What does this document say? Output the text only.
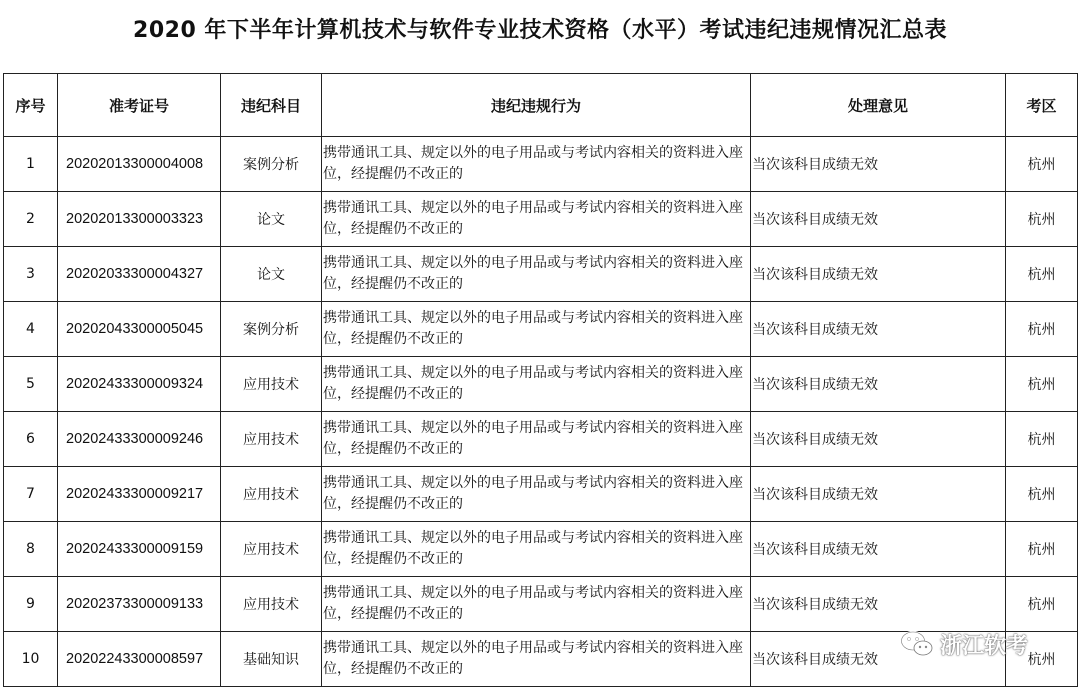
2020 年下半年计算机技术与软件专业技术资格（水平）考试违纪违规情况汇总表
序号	准考证号	违纪科目	违纪违规行为	处理意见	考区
1	20202013300004008	案例分析	携带通讯工具、规定以外的电子用品或与考试内容相关的资料进入座位，经提醒仍不改正的	当次该科目成绩无效	杭州
2	20202013300003323	论文	携带通讯工具、规定以外的电子用品或与考试内容相关的资料进入座位，经提醒仍不改正的	当次该科目成绩无效	杭州
3	20202033300004327	论文	携带通讯工具、规定以外的电子用品或与考试内容相关的资料进入座位，经提醒仍不改正的	当次该科目成绩无效	杭州
4	20202043300005045	案例分析	携带通讯工具、规定以外的电子用品或与考试内容相关的资料进入座位，经提醒仍不改正的	当次该科目成绩无效	杭州
5	20202433300009324	应用技术	携带通讯工具、规定以外的电子用品或与考试内容相关的资料进入座位，经提醒仍不改正的	当次该科目成绩无效	杭州
6	20202433300009246	应用技术	携带通讯工具、规定以外的电子用品或与考试内容相关的资料进入座位，经提醒仍不改正的	当次该科目成绩无效	杭州
7	20202433300009217	应用技术	携带通讯工具、规定以外的电子用品或与考试内容相关的资料进入座位，经提醒仍不改正的	当次该科目成绩无效	杭州
8	20202433300009159	应用技术	携带通讯工具、规定以外的电子用品或与考试内容相关的资料进入座位，经提醒仍不改正的	当次该科目成绩无效	杭州
9	20202373300009133	应用技术	携带通讯工具、规定以外的电子用品或与考试内容相关的资料进入座位，经提醒仍不改正的	当次该科目成绩无效	杭州
10	20202243300008597	基础知识	携带通讯工具、规定以外的电子用品或与考试内容相关的资料进入座位，经提醒仍不改正的	当次该科目成绩无效	杭州
浙江软考
